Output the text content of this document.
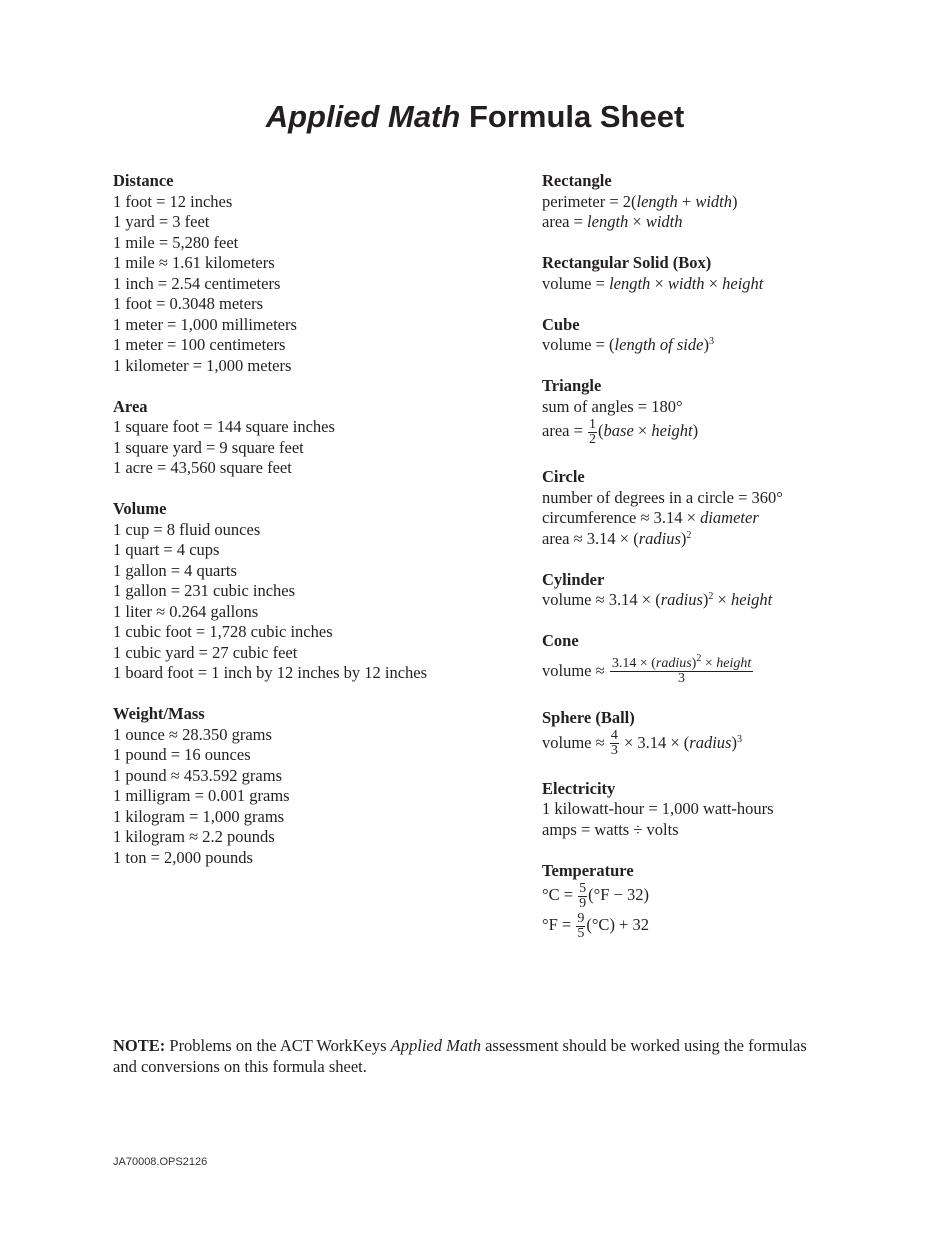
Applied Math Formula Sheet
Distance
1 foot = 12 inches
1 yard = 3 feet
1 mile = 5,280 feet
1 mile ≈ 1.61 kilometers
1 inch = 2.54 centimeters
1 foot = 0.3048 meters
1 meter = 1,000 millimeters
1 meter = 100 centimeters
1 kilometer = 1,000 meters
Area
1 square foot = 144 square inches
1 square yard = 9 square feet
1 acre = 43,560 square feet
Volume
1 cup = 8 fluid ounces
1 quart = 4 cups
1 gallon = 4 quarts
1 gallon = 231 cubic inches
1 liter ≈ 0.264 gallons
1 cubic foot = 1,728 cubic inches
1 cubic yard = 27 cubic feet
1 board foot = 1 inch by 12 inches by 12 inches
Weight/Mass
1 ounce ≈ 28.350 grams
1 pound = 16 ounces
1 pound ≈ 453.592 grams
1 milligram = 0.001 grams
1 kilogram = 1,000 grams
1 kilogram ≈ 2.2 pounds
1 ton = 2,000 pounds
Rectangle
perimeter = 2(length + width)
area = length × width
Rectangular Solid (Box)
volume = length × width × height
Cube
volume = (length of side)$^3$
Triangle
sum of angles = 180°
area = $\frac{1}{2}$ (base × height)
Circle
number of degrees in a circle = 360°
circumference ≈ 3.14 × diameter
area ≈ 3.14 × (radius)$^2$
Cylinder
volume ≈ 3.14 × (radius)$^2$ × height
Cone
volume ≈ $\frac{3.14 \times (radius)^2 \times height}{3}$
Sphere (Ball)
volume ≈ $\frac{4}{3} \times 3.14$ × (radius)$^3$
Electricity
1 kilowatt-hour = 1,000 watt-hours
amps = watts ÷ volts
Temperature
$^\circ C = \frac{5}{9} (^\circ F - 32)$
$^\circ F = \frac{9}{5} (^\circ C) + 32$
NOTE: Problems on the ACT WorkKeys Applied Math assessment should be worked using the formulas and conversions on this formula sheet.
JA70008.OPS2126
